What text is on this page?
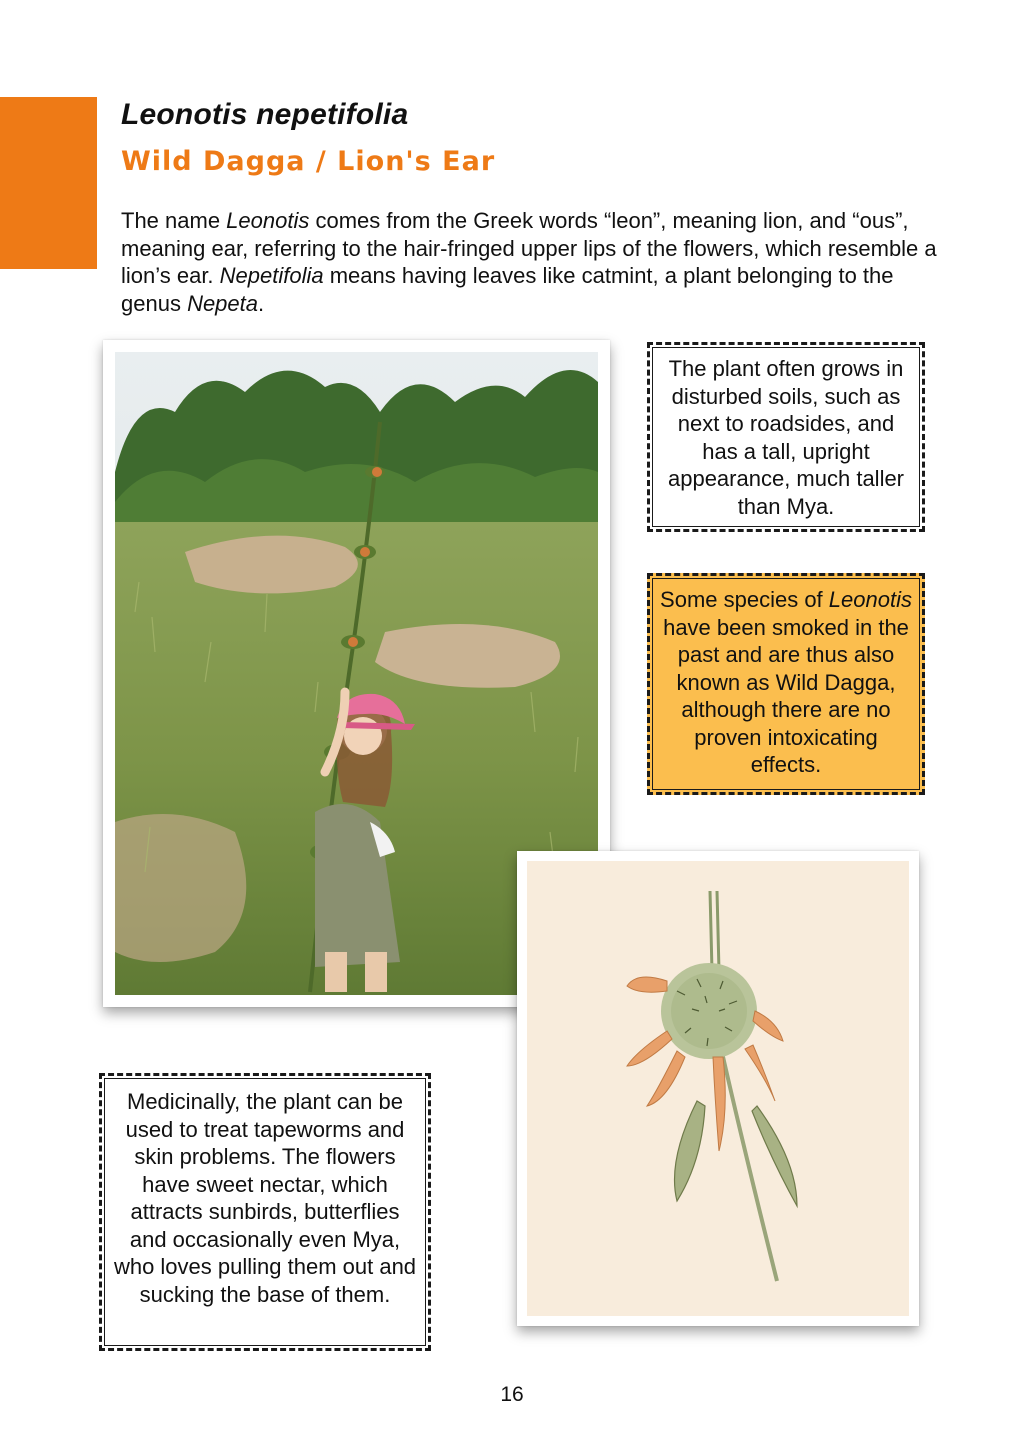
Leonotis nepetifolia
Wild Dagga / Lion's Ear

The name Leonotis comes from the Greek words “leon”, meaning lion, and “ous”, meaning ear, referring to the hair-fringed upper lips of the flowers, which resemble a lion’s ear. Nepetifolia means having leaves like catmint, a plant belonging to the genus Nepeta.

The plant often grows in disturbed soils, such as next to roadsides, and has a tall, upright appearance, much taller than Mya.

Some species of Leonotis have been smoked in the past and are thus also known as Wild Dagga, although there are no proven intoxicating effects.

Medicinally, the plant can be used to treat tapeworms and skin problems. The flowers have sweet nectar, which attracts sunbirds, butterflies and occasionally even Mya, who loves pulling them out and sucking the base of them.

16
